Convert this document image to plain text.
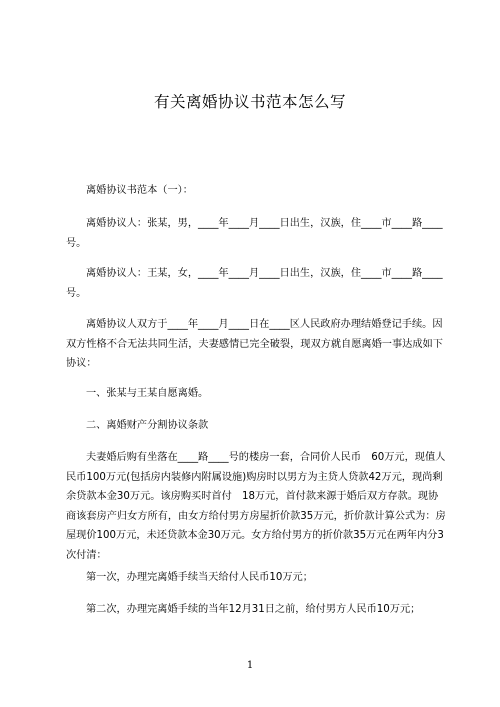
有关离婚协议书范本怎么写
离婚协议书范本（一）：
离婚协议人：张某，男，____年____月____日出生，汉族，住____市____路____号。
离婚协议人：王某，女，____年____月____日出生，汉族，住____市____路____号。
离婚协议人双方于____年____月____日在____区人民政府办理结婚登记手续。因双方性格不合无法共同生活，夫妻感情已完全破裂，现双方就自愿离婚一事达成如下协议：
一、张某与王某自愿离婚。
二、离婚财产分割协议条款
夫妻婚后购有坐落在____路____号的楼房一套，合同价人民币　60万元，现值人民币100万元(包括房内装修内附属设施)购房时以男方为主贷人贷款42万元，现尚剩余贷款本金30万元。该房购买时首付　18万元，首付款来源于婚后双方存款。现协商该套房产归女方所有，由女方给付男方房屋折价款35万元，折价款计算公式为：房屋现价100万元，未还贷款本金30万元。女方给付男方的折价款35万元在两年内分3次付清：
第一次，办理完离婚手续当天给付人民币10万元；
第二次，办理完离婚手续的当年12月31日之前，给付男方人民币10万元；
1
